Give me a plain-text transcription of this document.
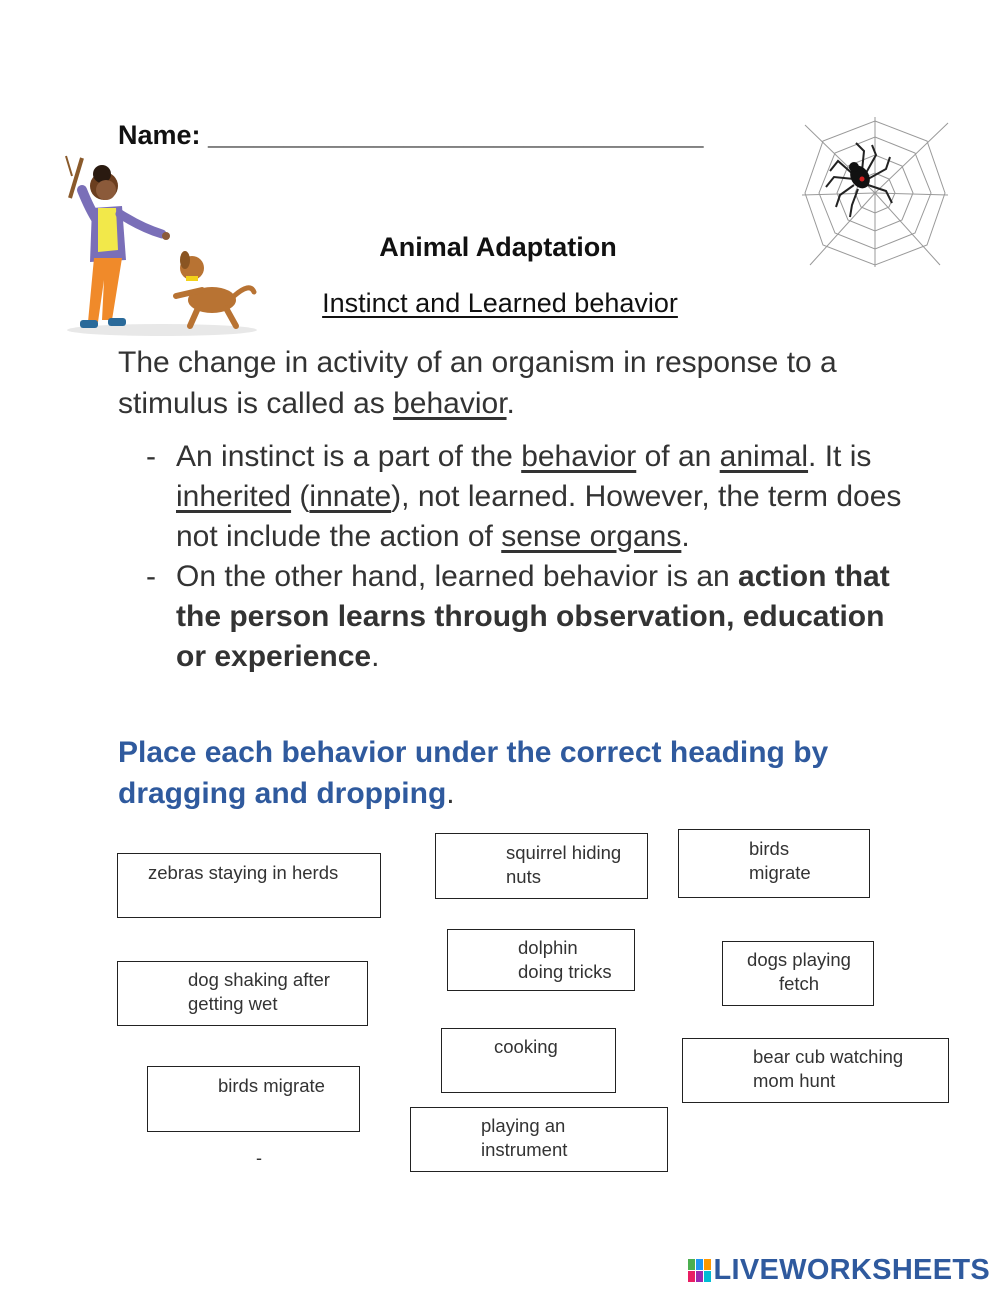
Name: _________________________________
Animal Adaptation
Instinct and Learned behavior
The change in activity of an organism in response to a stimulus is called as behavior.
- An instinct is a part of the behavior of an animal. It is inherited (innate), not learned. However, the term does not include the action of sense organs.
- On the other hand, learned behavior is an action that the person learns through observation, education or experience.
Place each behavior under the correct heading by dragging and dropping.
zebras staying in herds
squirrel hiding
nuts
birds
migrate
dolphin
doing tricks
dogs playing
fetch
dog shaking after
getting wet
cooking	bear cub watching
mom hunt
birds migrate
playing an
instrument
-
LIVEWORKSHEETS
